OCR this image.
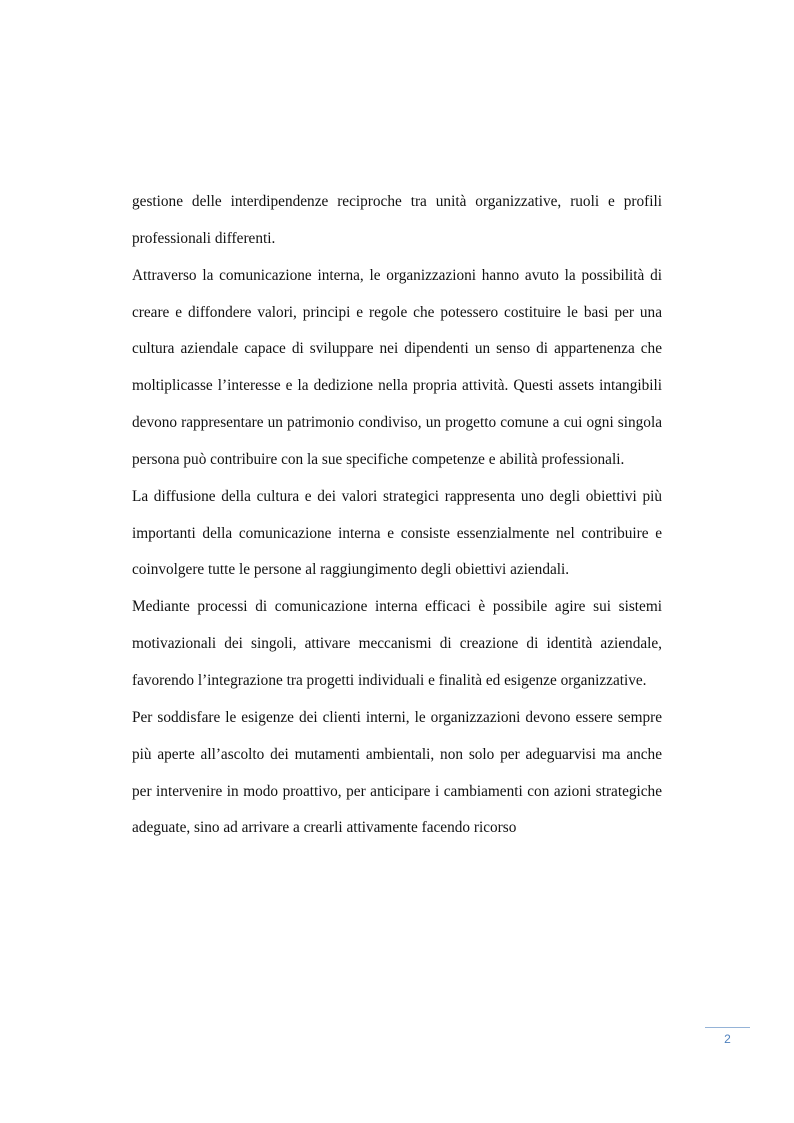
gestione delle interdipendenze reciproche tra unità organizzative, ruoli e profili professionali differenti.

Attraverso la comunicazione interna, le organizzazioni hanno avuto la possibilità di creare e diffondere valori, principi e regole che potessero costituire le basi per una cultura aziendale capace di sviluppare nei dipendenti un senso di appartenenza che moltiplicasse l’interesse e la dedizione nella propria attività. Questi assets intangibili devono rappresentare un patrimonio condiviso, un progetto comune a cui ogni singola persona può contribuire con la sue specifiche competenze e abilità professionali.

La diffusione della cultura e dei valori strategici rappresenta uno degli obiettivi più importanti della comunicazione interna e consiste essenzialmente nel contribuire e coinvolgere tutte le persone al raggiungimento degli obiettivi aziendali.

Mediante processi di comunicazione interna efficaci è possibile agire sui sistemi motivazionali dei singoli, attivare meccanismi di creazione di identità aziendale, favorendo l’integrazione tra progetti individuali e finalità ed esigenze organizzative.

Per soddisfare le esigenze dei clienti interni, le organizzazioni devono essere sempre più aperte all’ascolto dei mutamenti ambientali, non solo per adeguarvisi ma anche per intervenire in modo proattivo, per anticipare i cambiamenti con azioni strategiche adeguate, sino ad arrivare a crearli attivamente facendo ricorso

2
